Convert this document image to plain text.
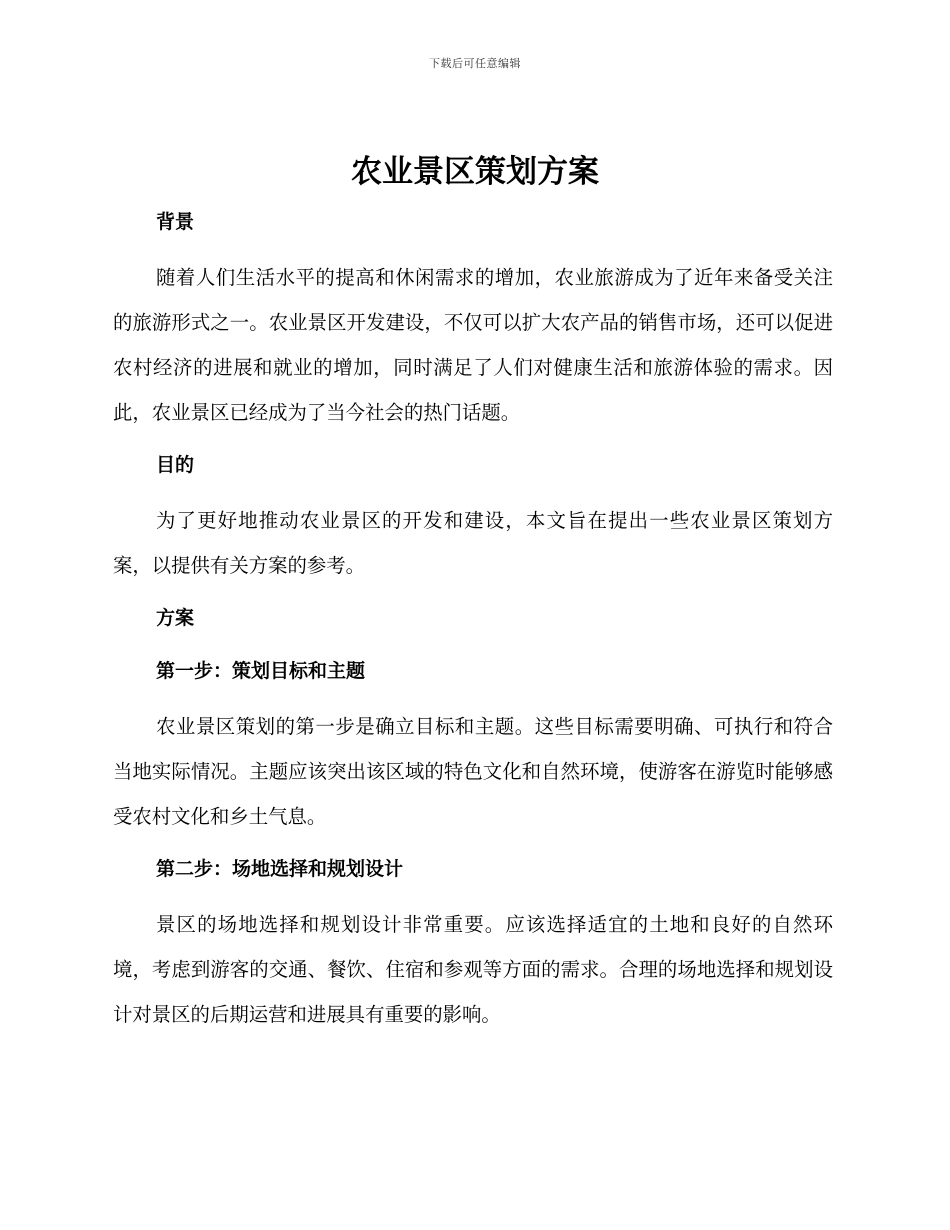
下载后可任意编辑
农业景区策划方案

背景

随着人们生活水平的提高和休闲需求的增加，农业旅游成为了近年来备受关注的旅游形式之一。农业景区开发建设，不仅可以扩大农产品的销售市场，还可以促进农村经济的进展和就业的增加，同时满足了人们对健康生活和旅游体验的需求。因此，农业景区已经成为了当今社会的热门话题。

目的

为了更好地推动农业景区的开发和建设，本文旨在提出一些农业景区策划方案，以提供有关方案的参考。

方案

第一步：策划目标和主题

农业景区策划的第一步是确立目标和主题。这些目标需要明确、可执行和符合当地实际情况。主题应该突出该区域的特色文化和自然环境，使游客在游览时能够感受农村文化和乡土气息。

第二步：场地选择和规划设计

景区的场地选择和规划设计非常重要。应该选择适宜的土地和良好的自然环境，考虑到游客的交通、餐饮、住宿和参观等方面的需求。合理的场地选择和规划设计对景区的后期运营和进展具有重要的影响。
